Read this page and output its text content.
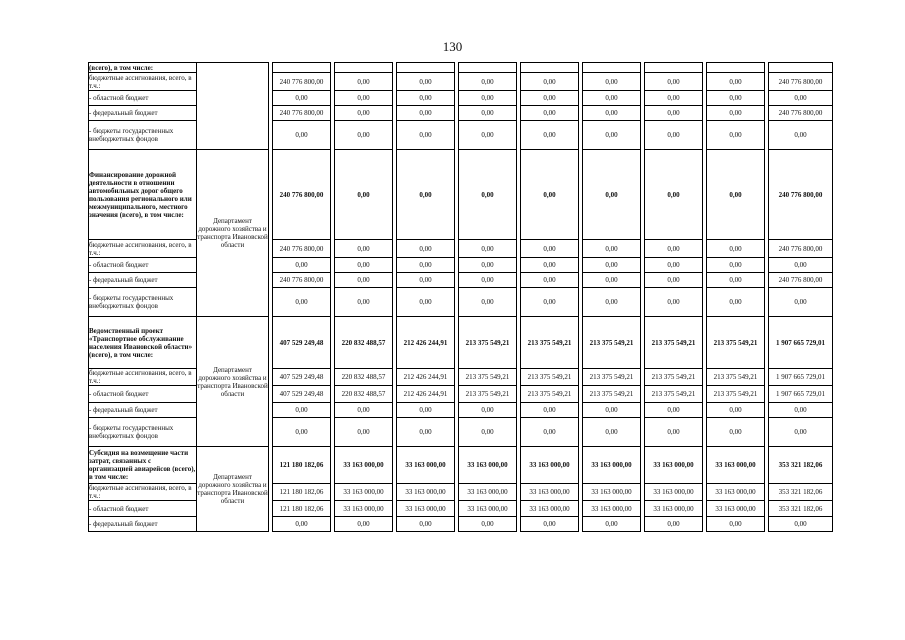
130
(всего), в том числе:																			
бюджетные ассигнования, всего, в т.ч.:			240 776 800,00		0,00		0,00		0,00		0,00		0,00		0,00		0,00		240 776 800,00
- областной бюджет			0,00		0,00		0,00		0,00		0,00		0,00		0,00		0,00		0,00
- федеральный бюджет			240 776 800,00		0,00		0,00		0,00		0,00		0,00		0,00		0,00		240 776 800,00
- бюджеты государственных внебюджетных фондов			0,00		0,00		0,00		0,00		0,00		0,00		0,00		0,00		0,00
Финансирование дорожной деятельности в отношении автомобильных дорог общего пользования регионального или межмуниципального, местного значения (всего), в том числе:	Департамент дорожного хозяйства и транспорта Ивановской области		240 776 800,00		0,00		0,00		0,00		0,00		0,00		0,00		0,00		240 776 800,00
бюджетные ассигнования, всего, в т.ч.:			240 776 800,00		0,00		0,00		0,00		0,00		0,00		0,00		0,00		240 776 800,00
- областной бюджет			0,00		0,00		0,00		0,00		0,00		0,00		0,00		0,00		0,00
- федеральный бюджет			240 776 800,00		0,00		0,00		0,00		0,00		0,00		0,00		0,00		240 776 800,00
- бюджеты государственных внебюджетных фондов			0,00		0,00		0,00		0,00		0,00		0,00		0,00		0,00		0,00
Ведомственный проект «Транспортное обслуживание населения Ивановской области» (всего), в том числе:	Департамент дорожного хозяйства и транспорта Ивановской области		407 529 249,48		220 832 488,57		212 426 244,91		213 375 549,21		213 375 549,21		213 375 549,21		213 375 549,21		213 375 549,21		1 907 665 729,01
бюджетные ассигнования, всего, в т.ч.:			407 529 249,48		220 832 488,57		212 426 244,91		213 375 549,21		213 375 549,21		213 375 549,21		213 375 549,21		213 375 549,21		1 907 665 729,01
- областной бюджет			407 529 249,48		220 832 488,57		212 426 244,91		213 375 549,21		213 375 549,21		213 375 549,21		213 375 549,21		213 375 549,21		1 907 665 729,01
- федеральный бюджет			0,00		0,00		0,00		0,00		0,00		0,00		0,00		0,00		0,00
- бюджеты государственных внебюджетных фондов			0,00		0,00		0,00		0,00		0,00		0,00		0,00		0,00		0,00
Субсидия на возмещение части затрат, связанных с организацией авиарейсов (всего), в том числе:	Департамент дорожного хозяйства и транспорта Ивановской области		121 180 182,06		33 163 000,00		33 163 000,00		33 163 000,00		33 163 000,00		33 163 000,00		33 163 000,00		33 163 000,00		353 321 182,06
бюджетные ассигнования, всего, в т.ч.:			121 180 182,06		33 163 000,00		33 163 000,00		33 163 000,00		33 163 000,00		33 163 000,00		33 163 000,00		33 163 000,00		353 321 182,06
- областной бюджет			121 180 182,06		33 163 000,00		33 163 000,00		33 163 000,00		33 163 000,00		33 163 000,00		33 163 000,00		33 163 000,00		353 321 182,06
- федеральный бюджет			0,00		0,00		0,00		0,00		0,00		0,00		0,00		0,00		0,00
